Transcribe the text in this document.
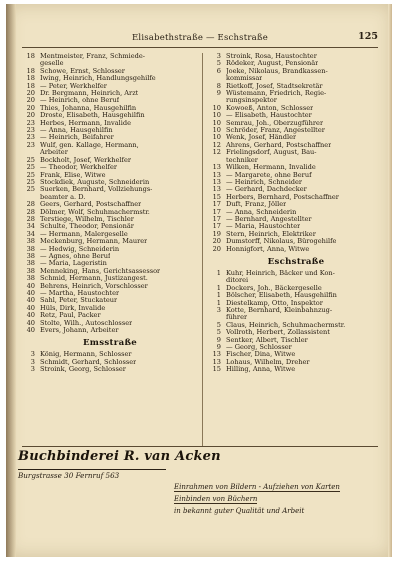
Elisabethstraße — Eschstraße	125
18 Mentmeister, Franz, Schmiede-
geselle
18 Schowe, Ernst, Schlosser
18 Iwing, Heinrich, Handlungsgehilfe
18 — Peter, Werkhelfer
20 Dr. Bergmann, Heinrich, Arzt
20 — Heinrich, ohne Beruf
20 Thies, Johanna, Hausgehilfin
20 Droste, Elisabeth, Hausgehilfin
23 Herbes, Hermann, Invalide
23 — Anna, Hausgehilfin
23 — Heinrich, Beifahrer
23 Wulf, gen. Kallage, Hermann,
Arbeiter
25 Bockholt, Josef, Werkhelfer
25 — Theodor, Werkhelfer
25 Frank, Elise, Witwe
25 Stockdiek, Auguste, Schneiderin
25 Suerken, Bernhard, Vollziehungs-
beamter a. D.
28 Geers, Gerhard, Postschaffner
28 Dölmer, Wolf, Schuhmachermstr.
28 Terstiege, Wilhelm, Tischler
34 Schulte, Theodor, Pensionär
34 — Hermann, Malergeselle
38 Meckenburg, Hermann, Maurer
38 — Hedwig, Schneiderin
38 — Agnes, ohne Beruf
38 — Maria, Lageristin
38 Menneking, Hans, Gerichtsassessor
38 Schmid, Hermann, Justizangest.
40 Behrens, Heinrich, Vorschlosser
40 — Martha, Haustochter
40 Sahl, Peter, Stuckateur
40 Hüls, Dirk, Invalide
40 Retz, Paul, Packer
40 Stolte, Wilh., Autoschlosser
40 Evers, Johann, Arbeiter
Emsstraße
3 König, Hermann, Schlosser
3 Schmidt, Gerhard, Schlosser
3 Stroink, Georg, Schlosser
3 Stroink, Rosa, Haustochter
5 Rödeker, August, Pensionär
6 Joeke, Nikolaus, Brandkassen-
kommissar
8 Rietkoff, Josef, Stadtsekretär
9 Wüstemann, Friedrich, Regie-
rungsinspektor
10 Kowoeß, Anton, Schlosser
10 — Elisabeth, Haustochter
10 Semrau, Joh., Oberzugführer
10 Schröder, Franz, Angestellter
10 Wenk, Josef, Händler
12 Ahrens, Gerhard, Postschaffner
12 Frielingsdorf, August, Bau-
techniker
13 Wilken, Hermann, Invalide
13 — Margarete, ohne Beruf
13 — Heinrich, Schneider
13 — Gerhard, Dachdecker
15 Herbers, Bernhard, Postschaffner
17 Duft, Franz, Jöller
17 — Anna, Schneiderin
17 — Bernhard, Angestellter
17 — Maria, Haustochter
19 Stern, Heinrich, Elektriker
20 Dumstorff, Nikolaus, Bürogehilfe
20 Honnigfort, Anna, Witwe
Eschstraße
1 Kuhr, Heinrich, Bäcker und Kon-
ditorei
1 Dockers, Joh., Bäckergeselle
1 Bölscher, Elisabeth, Hausgehilfin
1 Diestelkamp, Otto, Inspektor
3 Kotte, Bernhard, Kleinbahnzug-
führer
5 Claus, Heinrich, Schuhmachermstr.
5 Vollroth, Herbert, Zollassistent
9 Sentker, Albert, Tischler
9 — Georg, Schlosser
13 Fischer, Dina, Witwe
13 Lohaus, Wilhelm, Dreher
15 Hilling, Anna, Witwe
Buchbinderei R. van Acken
Burgstrasse 30 Fernruf 563
Einrahmen von Bildern - Aufziehen von Karten
Einbinden von Büchern
in bekannt guter Qualität und Arbeit
